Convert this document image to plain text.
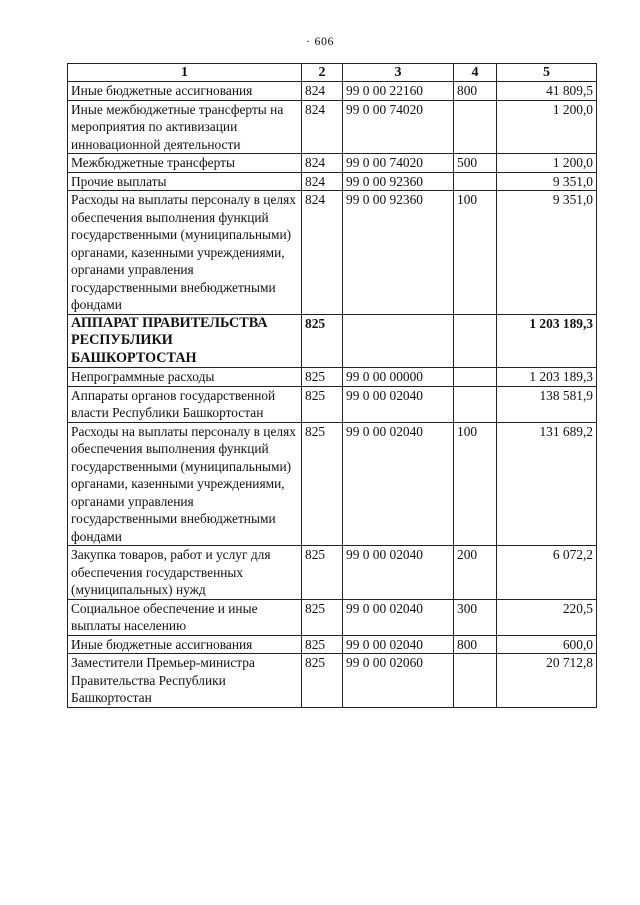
· 606
1	2	3	4	5
Иные бюджетные ассигнования	824	99 0 00 22160	800	41 809,5
Иные межбюджетные трансферты на мероприятия по активизации инновационной деятельности	824	99 0 00 74020		1 200,0
Межбюджетные трансферты	824	99 0 00 74020	500	1 200,0
Прочие выплаты	824	99 0 00 92360		9 351,0
Расходы на выплаты персоналу в целях обеспечения выполнения функций государственными (муниципальными) органами, казенными учреждениями, органами управления государственными внебюджетными фондами	824	99 0 00 92360	100	9 351,0
АППАРАТ ПРАВИТЕЛЬСТВА РЕСПУБЛИКИ БАШКОРТОСТАН	825			1 203 189,3
Непрограммные расходы	825	99 0 00 00000		1 203 189,3
Аппараты органов государственной власти Республики Башкортостан	825	99 0 00 02040		138 581,9
Расходы на выплаты персоналу в целях обеспечения выполнения функций государственными (муниципальными) органами, казенными учреждениями, органами управления государственными внебюджетными фондами	825	99 0 00 02040	100	131 689,2
Закупка товаров, работ и услуг для обеспечения государственных (муниципальных) нужд	825	99 0 00 02040	200	6 072,2
Социальное обеспечение и иные выплаты населению	825	99 0 00 02040	300	220,5
Иные бюджетные ассигнования	825	99 0 00 02040	800	600,0
Заместители Премьер-министра Правительства Республики Башкортостан	825	99 0 00 02060		20 712,8
